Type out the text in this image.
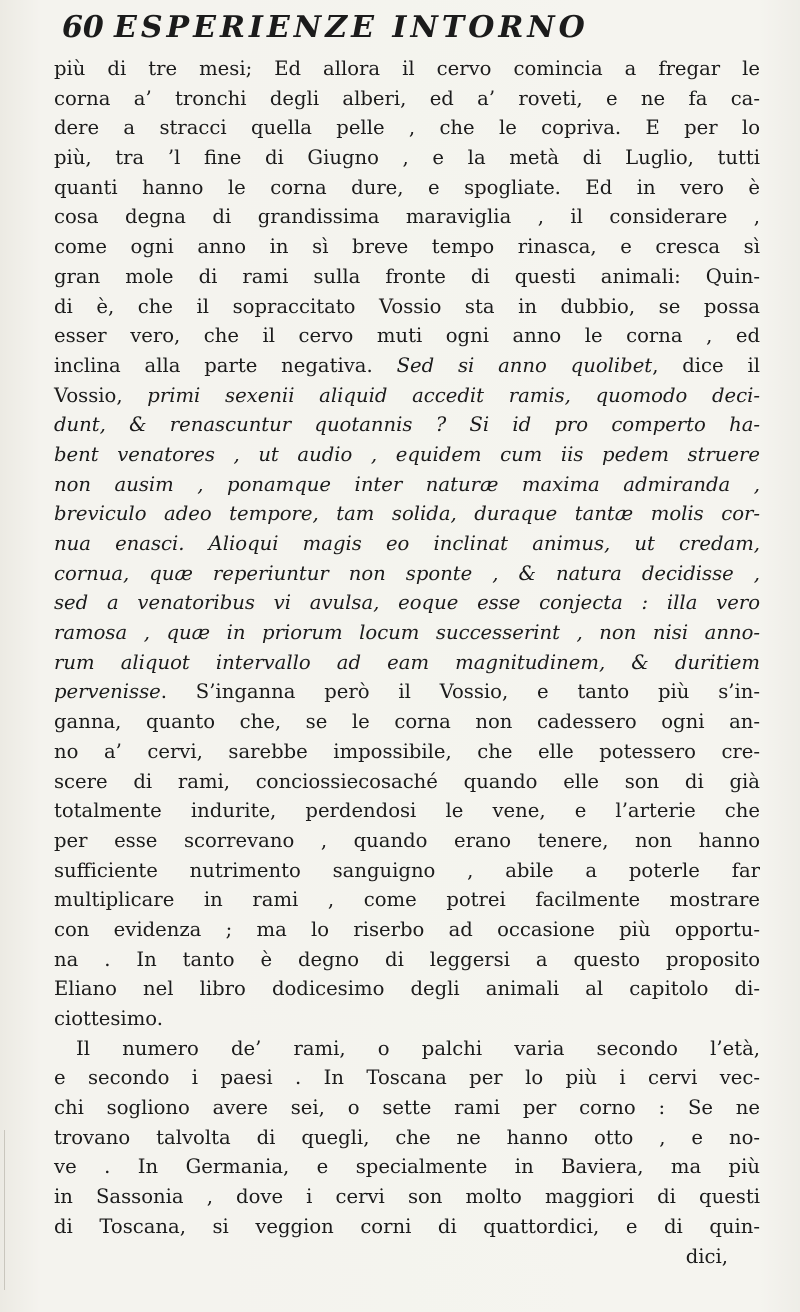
60 ESPERIENZE INTORNO
più di tre mesi; Ed allora il cervo comincia a fregar le
corna a’ tronchi degli alberi, ed a’ roveti, e ne fa ca-
dere a stracci quella pelle , che le copriva. E per lo
più, tra ’l fine di Giugno , e la metà di Luglio, tutti
quanti hanno le corna dure, e spogliate. Ed in vero è
cosa degna di grandissima maraviglia , il considerare ,
come ogni anno in sì breve tempo rinasca, e cresca sì
gran mole di rami sulla fronte di questi animali: Quin-
di è, che il sopraccitato Vossio sta in dubbio, se possa
esser vero, che il cervo muti ogni anno le corna , ed
inclina alla parte negativa. Sed si anno quolibet, dice il
Vossio, primi sexenii aliquid accedit ramis, quomodo deci-
dunt, & renascuntur quotannis ? Si id pro comperto ha-
bent venatores , ut audio , equidem cum iis pedem struere
non ausim , ponamque inter naturæ maxima admiranda ,
breviculo adeo tempore, tam solida, duraque tantæ molis cor-
nua enasci. Alioqui magis eo inclinat animus, ut credam,
cornua, quæ reperiuntur non sponte , & natura decidisse ,
sed a venatoribus vi avulsa, eoque esse conjecta : illa vero
ramosa , quæ in priorum locum successerint , non nisi anno-
rum aliquot intervallo ad eam magnitudinem, & duritiem
pervenisse. S’inganna però il Vossio, e tanto più s’in-
ganna, quanto che, se le corna non cadessero ogni an-
no a’ cervi, sarebbe impossibile, che elle potessero cre-
scere di rami, conciossiecosaché quando elle son di già
totalmente indurite, perdendosi le vene, e l’arterie che
per esse scorrevano , quando erano tenere, non hanno
sufficiente nutrimento sanguigno , abile a poterle far
multiplicare in rami , come potrei facilmente mostrare
con evidenza ; ma lo riserbo ad occasione più opportu-
na . In tanto è degno di leggersi a questo proposito
Eliano nel libro dodicesimo degli animali al capitolo di-
ciottesimo.
Il numero de’ rami, o palchi varia secondo l’età,
e secondo i paesi . In Toscana per lo più i cervi vec-
chi sogliono avere sei, o sette rami per corno : Se ne
trovano talvolta di quegli, che ne hanno otto , e no-
ve . In Germania, e specialmente in Baviera, ma più
in Sassonia , dove i cervi son molto maggiori di questi
di Toscana, si veggion corni di quattordici, e di quin-
dici,
